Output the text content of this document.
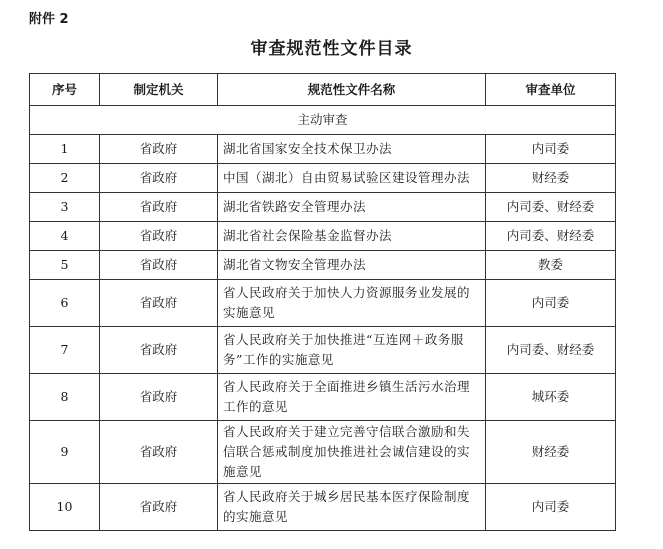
附件 2
审查规范性文件目录
序号	制定机关	规范性文件名称	审查单位
主动审查			
1	省政府	湖北省国家安全技术保卫办法	内司委
2	省政府	中国（湖北）自由贸易试验区建设管理办法	财经委
3	省政府	湖北省铁路安全管理办法	内司委、财经委
4	省政府	湖北省社会保险基金监督办法	内司委、财经委
5	省政府	湖北省文物安全管理办法	教委
6	省政府	省人民政府关于加快人力资源服务业发展的实施意见	内司委
7	省政府	省人民政府关于加快推进“互连网＋政务服务”工作的实施意见	内司委、财经委
8	省政府	省人民政府关于全面推进乡镇生活污水治理工作的意见	城环委
9	省政府	省人民政府关于建立完善守信联合激励和失信联合惩戒制度加快推进社会诚信建设的实施意见	财经委
10	省政府	省人民政府关于城乡居民基本医疗保险制度的实施意见	内司委
